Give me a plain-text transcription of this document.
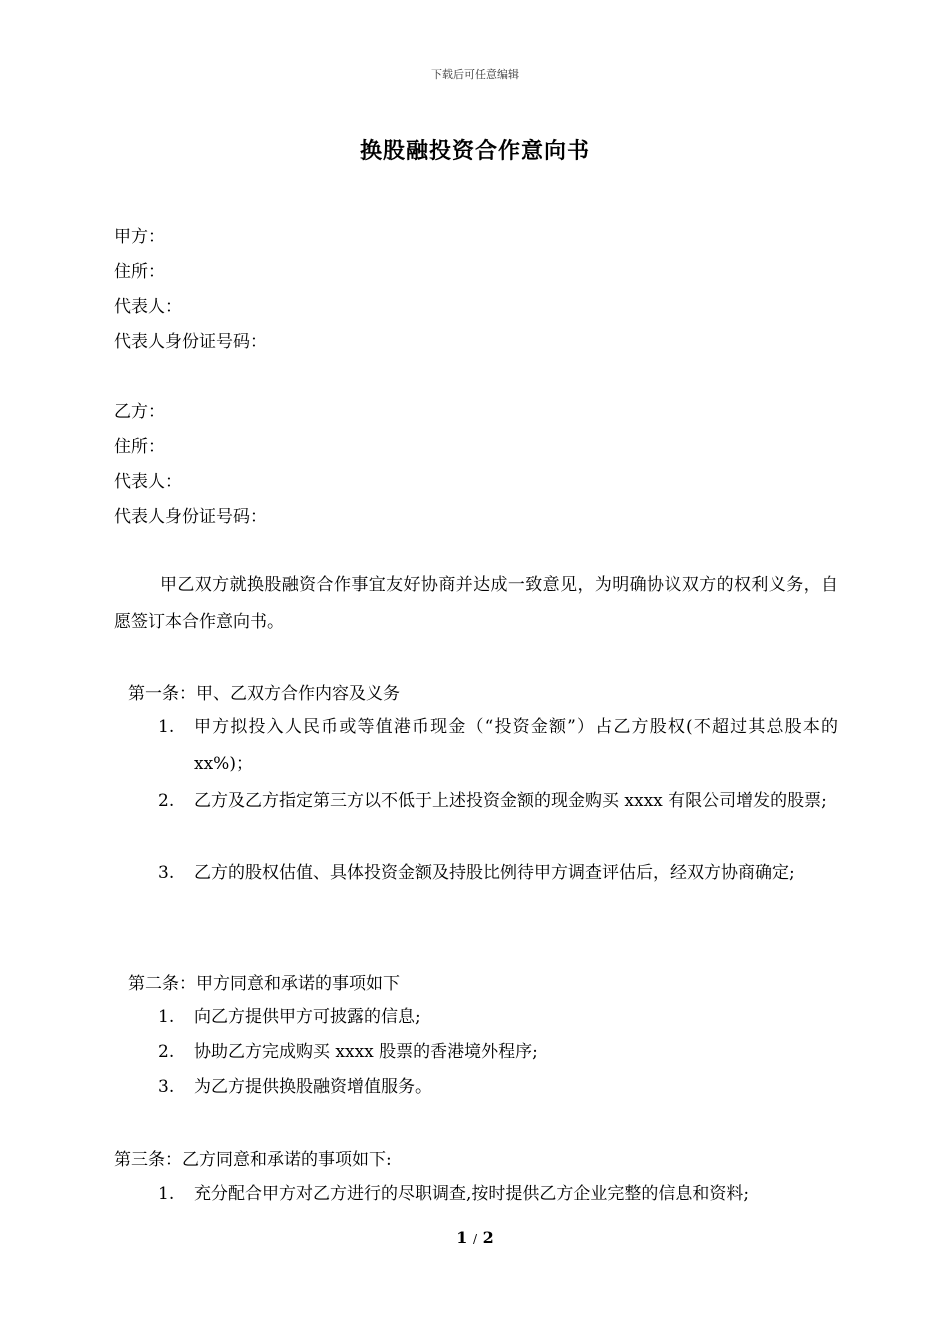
下载后可任意编辑
换股融投资合作意向书
甲方：
住所：
代表人：
代表人身份证号码：
乙方：
住所：
代表人：
代表人身份证号码：
甲乙双方就换股融资合作事宜友好协商并达成一致意见，为明确协议双方的权利义务，自愿签订本合作意向书。
第一条：甲、乙双方合作内容及义务
1.	甲方拟投入人民币或等值港币现金（“投资金额”）占乙方股权(不超过其总股本的 xx%)；
2.	乙方及乙方指定第三方以不低于上述投资金额的现金购买 xxxx 有限公司增发的股票;
3.	乙方的股权估值、具体投资金额及持股比例待甲方调查评估后，经双方协商确定;
第二条：甲方同意和承诺的事项如下
1.	向乙方提供甲方可披露的信息;
2.	协助乙方完成购买 xxxx 股票的香港境外程序;
3.	为乙方提供换股融资增值服务。
第三条：乙方同意和承诺的事项如下:
1.	充分配合甲方对乙方进行的尽职调查,按时提供乙方企业完整的信息和资料;
1 / 2
